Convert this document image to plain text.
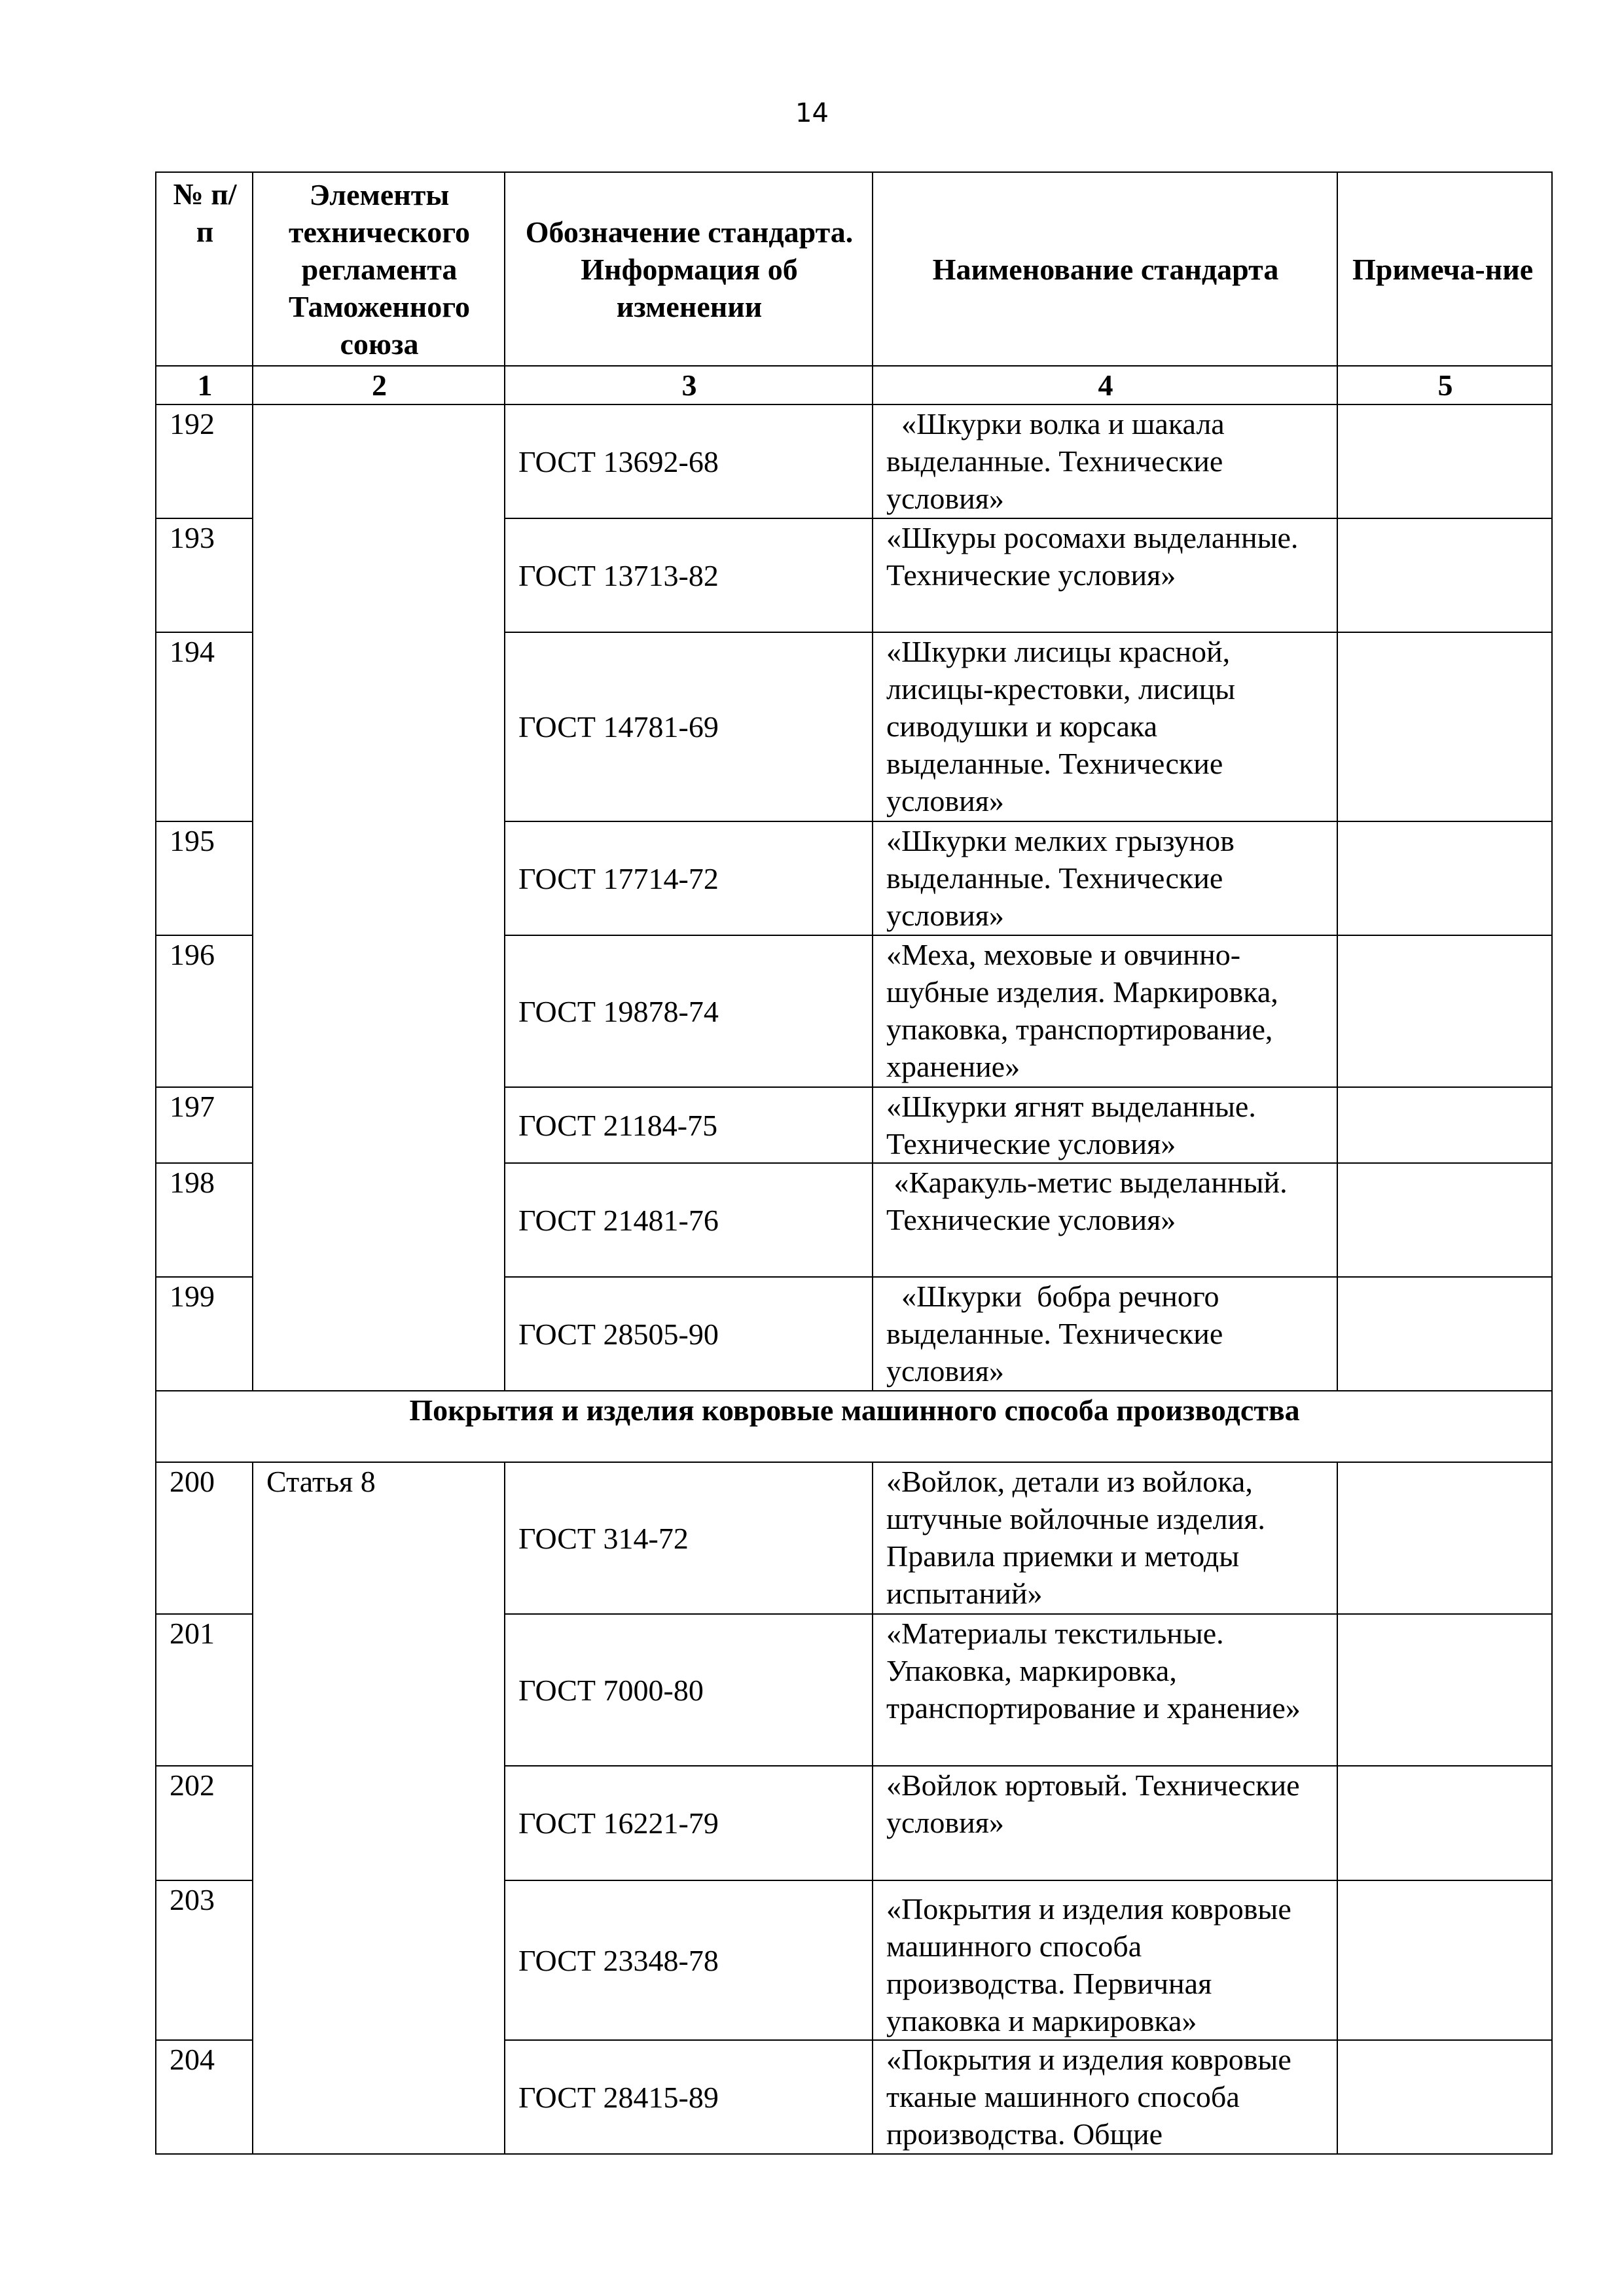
14
№ п/п	Элементы технического регламента Таможенного союза	Обозначение стандарта. Информация об изменении	Наименование стандарта	Примеча-ние
1	2	3	4	5
192		ГОСТ 13692-68	«Шкурки волка и шакала выделанные. Технические условия»	
193		ГОСТ 13713-82	«Шкуры росомахи выделанные. Технические условия»	
194		ГОСТ 14781-69	«Шкурки лисицы красной, лисицы-крестовки, лисицы сиводушки и корсака выделанные. Технические условия»	
195		ГОСТ 17714-72	«Шкурки мелких грызунов выделанные. Технические условия»	
196		ГОСТ 19878-74	«Меха, меховые и овчинно-шубные изделия. Маркировка, упаковка, транспортирование, хранение»	
197		ГОСТ 21184-75	«Шкурки ягнят выделанные. Технические условия»	
198		ГОСТ 21481-76	«Каракуль-метис выделанный. Технические условия»	
199		ГОСТ 28505-90	«Шкурки  бобра речного выделанные. Технические условия»	
Покрытия и изделия ковровые машинного способа производства				
200	Статья 8	ГОСТ 314-72	«Войлок, детали из войлока, штучные войлочные изделия. Правила приемки и методы испытаний»	
201		ГОСТ 7000-80	«Материалы текстильные. Упаковка, маркировка, транспортирование и хранение»	
202		ГОСТ 16221-79	«Войлок юртовый. Технические условия»	
203		ГОСТ 23348-78	«Покрытия и изделия ковровые машинного способа производства. Первичная упаковка и маркировка»	
204		ГОСТ 28415-89	«Покрытия и изделия ковровые тканые машинного способа производства. Общие	
